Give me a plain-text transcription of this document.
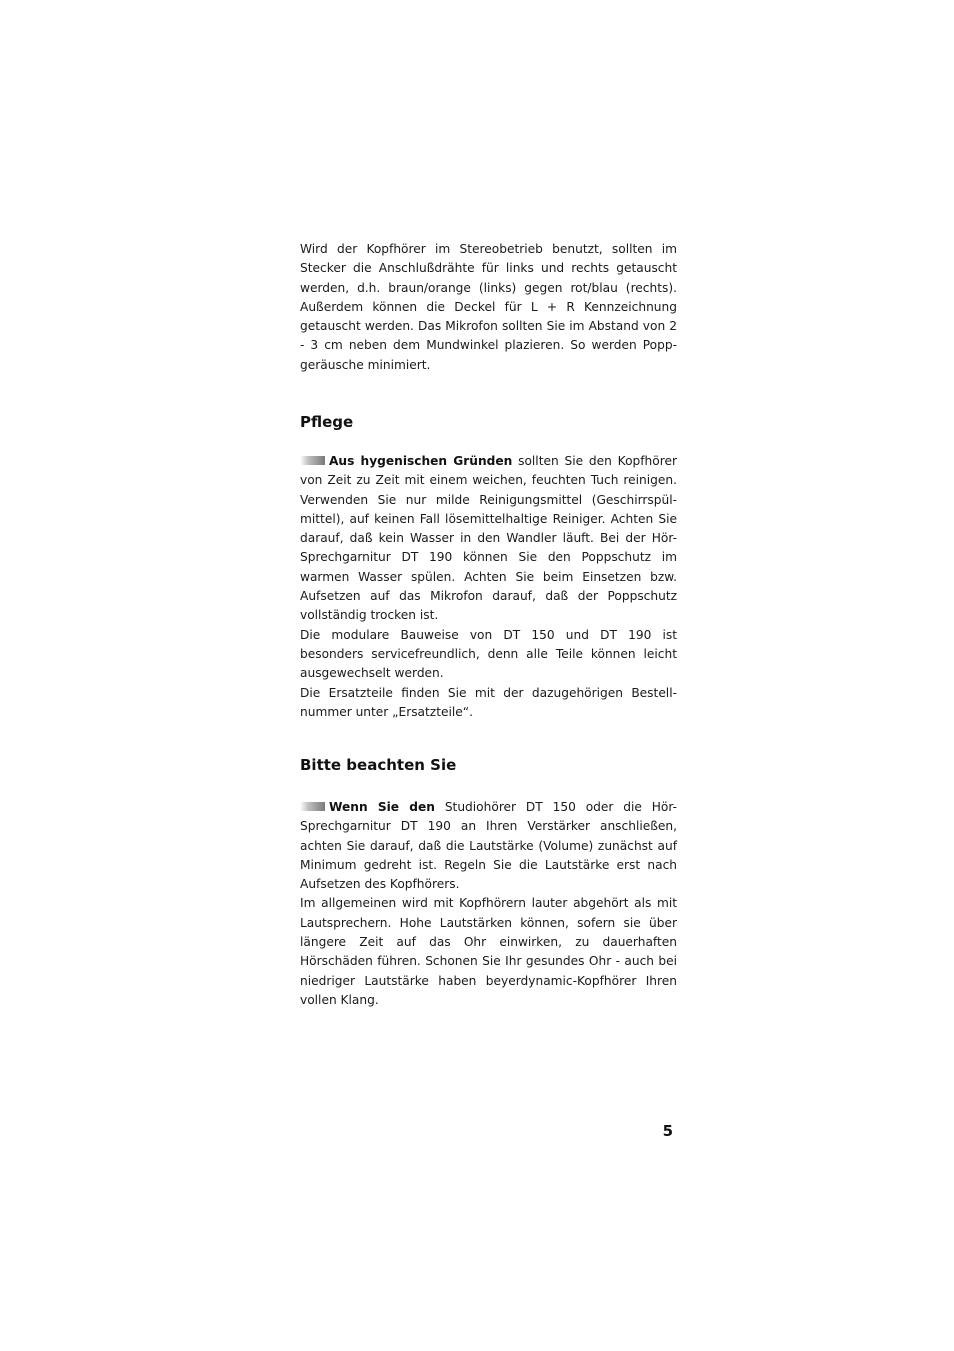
Wird der Kopfhörer im Stereobetrieb benutzt, sollten im Stecker die Anschlußdrähte für links und rechts getauscht werden, d.h. braun/orange (links) gegen rot/blau (rechts). Außerdem können die Deckel für L + R Kennzeichnung getauscht werden. Das Mikrofon sollten Sie im Abstand von 2 - 3 cm neben dem Mundwinkel plazieren. So werden Poppgeräusche minimiert.

Pflege

Aus hygenischen Gründen sollten Sie den Kopfhörer von Zeit zu Zeit mit einem weichen, feuchten Tuch reinigen. Verwenden Sie nur milde Reinigungsmittel (Geschirrspülmittel), auf keinen Fall lösemittelhaltige Reiniger. Achten Sie darauf, daß kein Wasser in den Wandler läuft. Bei der Hör-Sprechgarnitur DT 190 können Sie den Poppschutz im warmen Wasser spülen. Achten Sie beim Einsetzen bzw. Aufsetzen auf das Mikrofon darauf, daß der Poppschutz vollständig trocken ist.

Die modulare Bauweise von DT 150 und DT 190 ist besonders servicefreundlich, denn alle Teile können leicht ausgewechselt werden.

Die Ersatzteile finden Sie mit der dazugehörigen Bestellnummer unter „Ersatzteile“.

Bitte beachten Sie

Wenn Sie den Studiohörer DT 150 oder die Hör-Sprechgarnitur DT 190 an Ihren Verstärker anschließen, achten Sie darauf, daß die Lautstärke (Volume) zunächst auf Minimum gedreht ist. Regeln Sie die Lautstärke erst nach Aufsetzen des Kopfhörers.

Im allgemeinen wird mit Kopfhörern lauter abgehört als mit Lautsprechern. Hohe Lautstärken können, sofern sie über längere Zeit auf das Ohr einwirken, zu dauerhaften Hörschäden führen. Schonen Sie Ihr gesundes Ohr - auch bei niedriger Lautstärke haben beyerdynamic-Kopfhörer Ihren vollen Klang.

5
